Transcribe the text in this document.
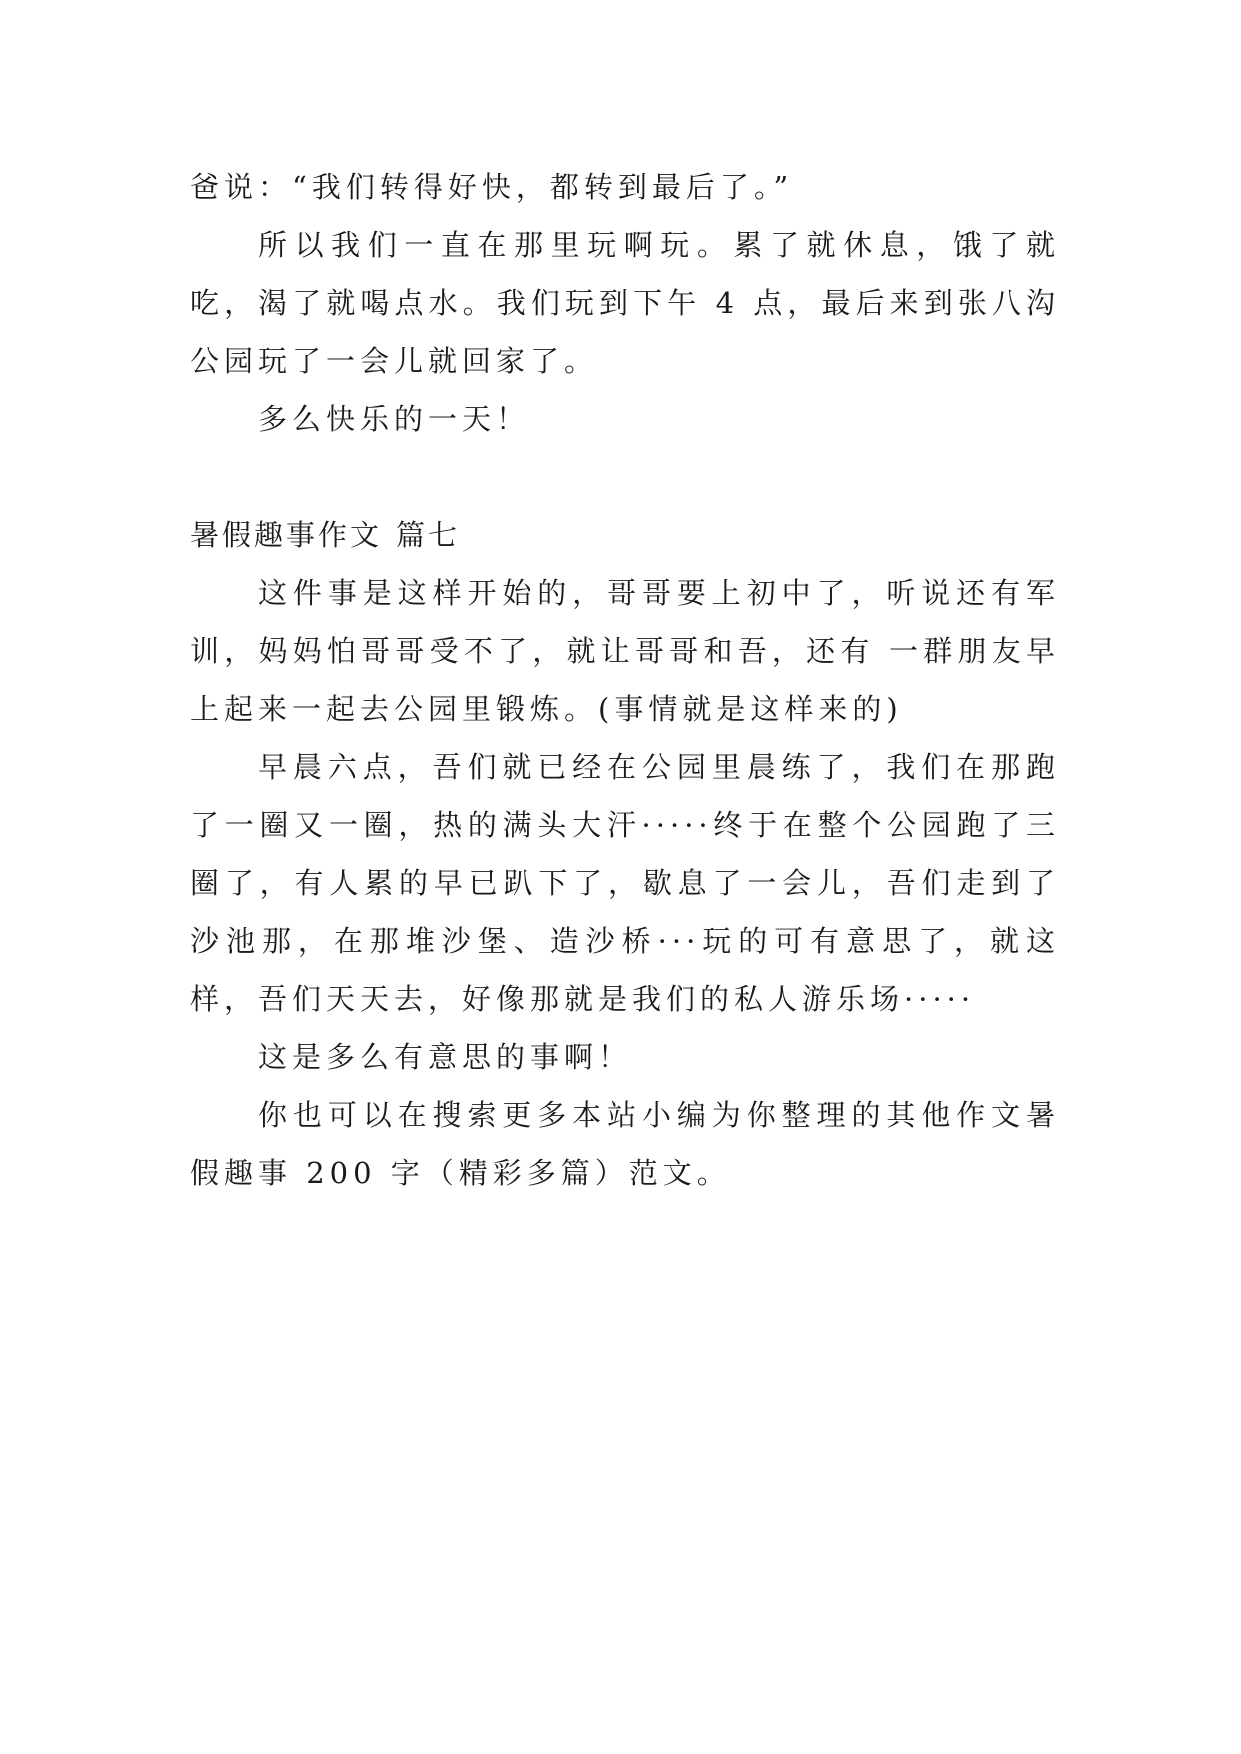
爸说：“我们转得好快，都转到最后了。”

所以我们一直在那里玩啊玩。累了就休息，饿了就吃，渴了就喝点水。我们玩到下午 4 点，最后来到张八沟公园玩了一会儿就回家了。

多么快乐的一天！

暑假趣事作文 篇七

这件事是这样开始的，哥哥要上初中了，听说还有军训，妈妈怕哥哥受不了，就让哥哥和吾，还有 一群朋友早上起来一起去公园里锻炼。(事情就是这样来的)

早晨六点，吾们就已经在公园里晨练了，我们在那跑了一圈又一圈，热的满头大汗·····终于在整个公园跑了三圈了，有人累的早已趴下了，歇息了一会儿，吾们走到了沙池那，在那堆沙堡、造沙桥···玩的可有意思了，就这样，吾们天天去，好像那就是我们的私人游乐场·····

这是多么有意思的事啊！

你也可以在搜索更多本站小编为你整理的其他作文暑假趣事 200 字（精彩多篇）范文。
